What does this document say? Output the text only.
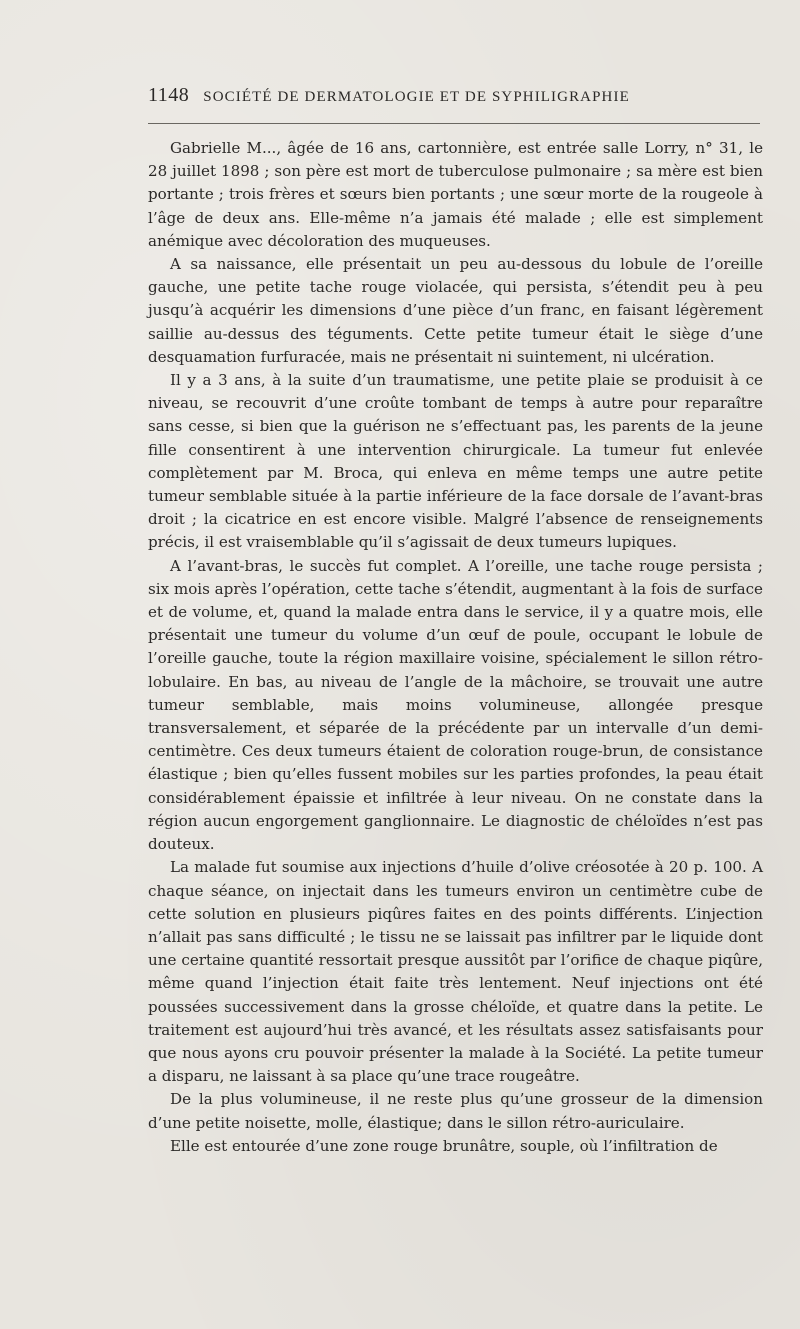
1148 SOCIÉTÉ DE DERMATOLOGIE ET DE SYPHILIGRAPHIE

Gabrielle M..., âgée de 16 ans, cartonnière, est entrée salle Lorry, n° 31, le 28 juillet 1898 ; son père est mort de tuberculose pulmonaire ; sa mère est bien portante ; trois frères et sœurs bien portants ; une sœur morte de la rougeole à l’âge de deux ans. Elle-même n’a jamais été malade ; elle est simplement anémique avec décoloration des muqueuses.

A sa naissance, elle présentait un peu au-dessous du lobule de l’oreille gauche, une petite tache rouge violacée, qui persista, s’étendit peu à peu jusqu’à acquérir les dimensions d’une pièce d’un franc, en faisant légèrement saillie au-dessus des téguments. Cette petite tumeur était le siège d’une desquamation furfuracée, mais ne présentait ni suintement, ni ulcération.

Il y a 3 ans, à la suite d’un traumatisme, une petite plaie se produisit à ce niveau, se recouvrit d’une croûte tombant de temps à autre pour reparaître sans cesse, si bien que la guérison ne s’effectuant pas, les parents de la jeune fille consentirent à une intervention chirurgicale. La tumeur fut enlevée complètement par M. Broca, qui enleva en même temps une autre petite tumeur semblable située à la partie inférieure de la face dorsale de l’avant-bras droit ; la cicatrice en est encore visible. Malgré l’absence de renseignements précis, il est vraisemblable qu’il s’agissait de deux tumeurs lupiques.

A l’avant-bras, le succès fut complet. A l’oreille, une tache rouge persista ; six mois après l’opération, cette tache s’étendit, augmentant à la fois de surface et de volume, et, quand la malade entra dans le service, il y a quatre mois, elle présentait une tumeur du volume d’un œuf de poule, occupant le lobule de l’oreille gauche, toute la région maxillaire voisine, spécialement le sillon rétro-lobulaire. En bas, au niveau de l’angle de la mâchoire, se trouvait une autre tumeur semblable, mais moins volumineuse, allongée presque transversalement, et séparée de la précédente par un intervalle d’un demi-centimètre. Ces deux tumeurs étaient de coloration rouge-brun, de consistance élastique ; bien qu’elles fussent mobiles sur les parties profondes, la peau était considérablement épaissie et infiltrée à leur niveau. On ne constate dans la région aucun engorgement ganglionnaire. Le diagnostic de chéloïdes n’est pas douteux.

La malade fut soumise aux injections d’huile d’olive créosotée à 20 p. 100. A chaque séance, on injectait dans les tumeurs environ un centimètre cube de cette solution en plusieurs piqûres faites en des points différents. L’injection n’allait pas sans difficulté ; le tissu ne se laissait pas infiltrer par le liquide dont une certaine quantité ressortait presque aussitôt par l’orifice de chaque piqûre, même quand l’injection était faite très lentement. Neuf injections ont été poussées successivement dans la grosse chéloïde, et quatre dans la petite. Le traitement est aujourd’hui très avancé, et les résultats assez satisfaisants pour que nous ayons cru pouvoir présenter la malade à la Société. La petite tumeur a disparu, ne laissant à sa place qu’une trace rougeâtre.

De la plus volumineuse, il ne reste plus qu’une grosseur de la dimension d’une petite noisette, molle, élastique; dans le sillon rétro-auriculaire.

Elle est entourée d’une zone rouge brunâtre, souple, où l’infiltration de
